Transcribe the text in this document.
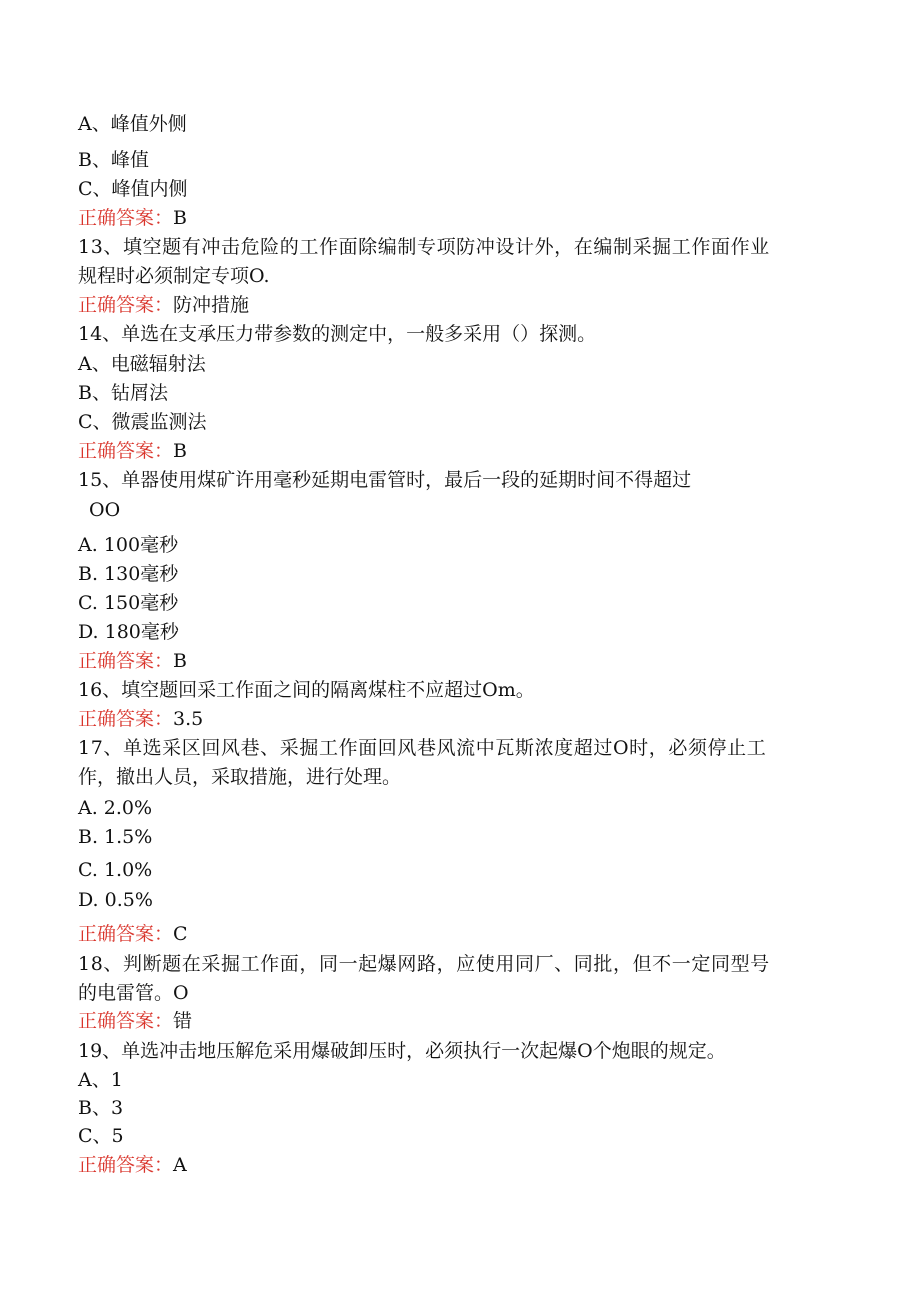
A、峰值外侧
B、峰值
C、峰值内侧
正确答案：B
13、填空题有冲击危险的工作面除编制专项防冲设计外，在编制采掘工作面作业
规程时必须制定专项O.
正确答案：防冲措施
14、单选在支承压力带参数的测定中，一般多采用（）探测。
A、电磁辐射法
B、钻屑法
C、微震监测法
正确答案：B
15、单器使用煤矿许用毫秒延期电雷管时，最后一段的延期时间不得超过
OO
A. 100毫秒
B. 130毫秒
C. 150毫秒
D. 180毫秒
正确答案：B
16、填空题回采工作面之间的隔离煤柱不应超过Om。
正确答案：3.5
17、单选采区回风巷、采掘工作面回风巷风流中瓦斯浓度超过O时，必须停止工
作，撤出人员，采取措施，进行处理。
A. 2.0%
B. 1.5%
C. 1.0%
D. 0.5%
正确答案：C
18、判断题在采掘工作面，同一起爆网路，应使用同厂、同批，但不一定同型号
的电雷管。O
正确答案：错
19、单选冲击地压解危采用爆破卸压时，必须执行一次起爆O个炮眼的规定。
A、1
B、3
C、5
正确答案：A
